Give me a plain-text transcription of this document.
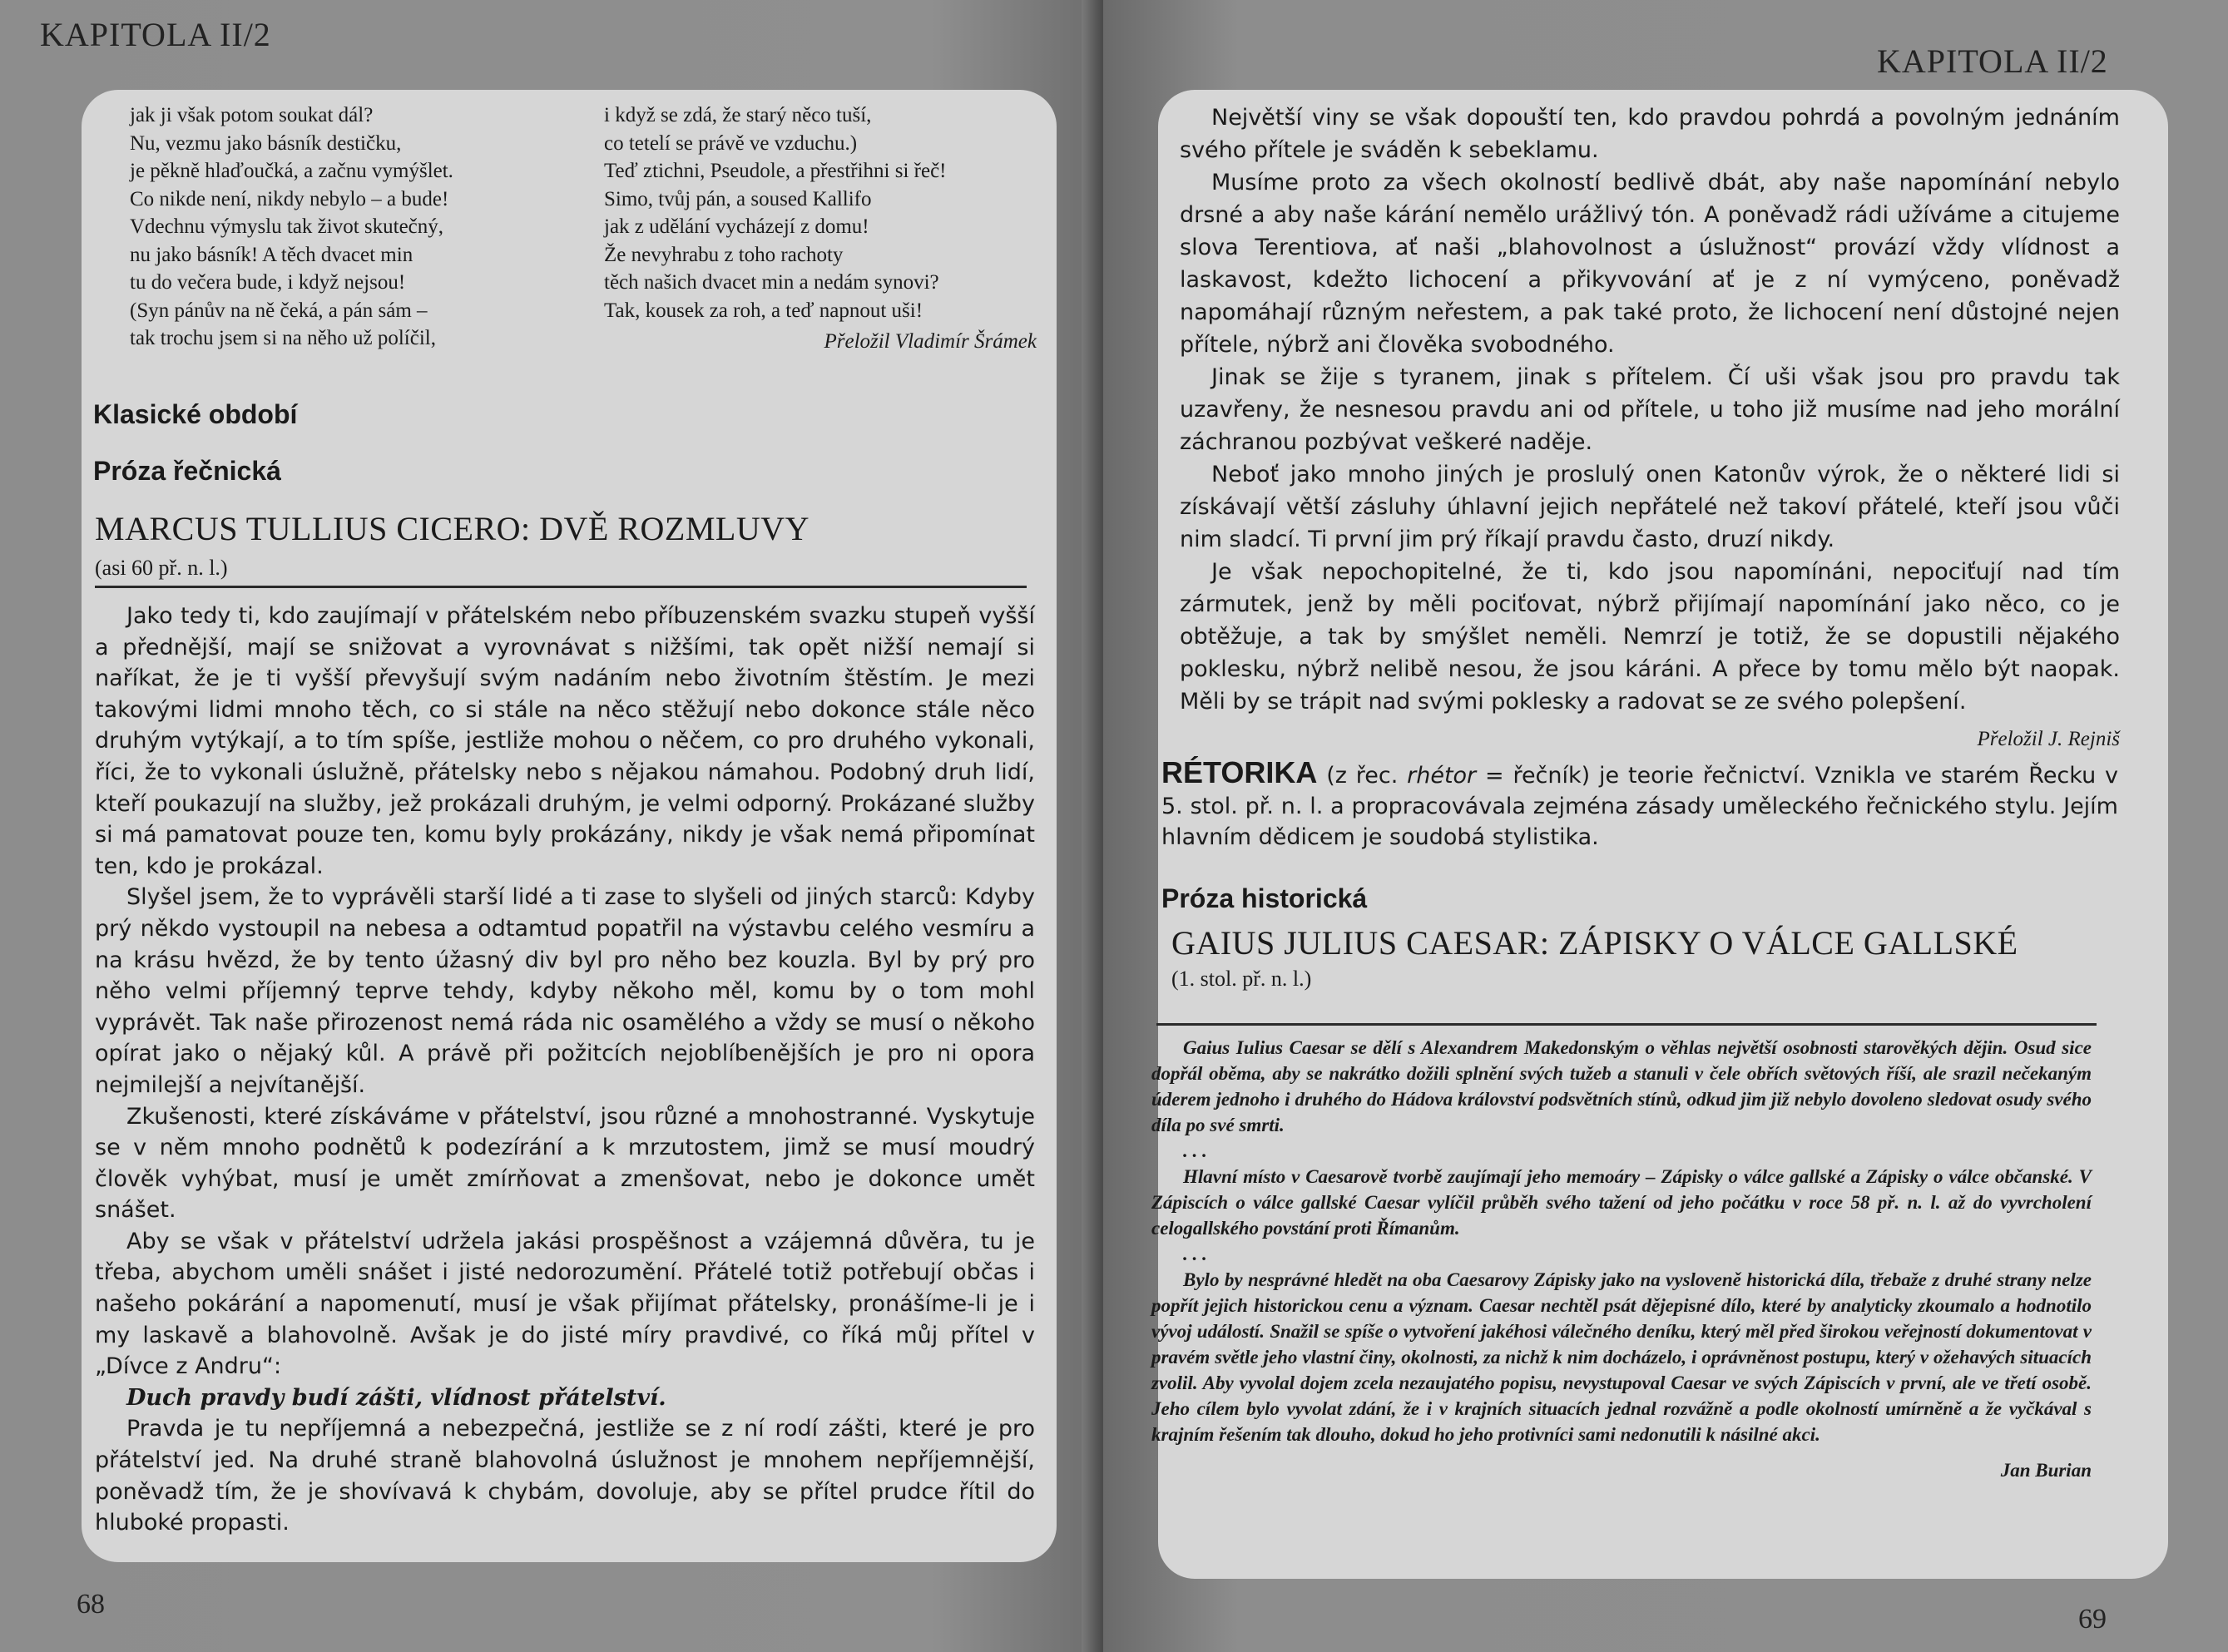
KAPITOLA II/2
jak ji však potom soukat dál?
Nu, vezmu jako básník destičku,
je pěkně hlaďoučká, a začnu vymýšlet.
Co nikde není, nikdy nebylo – a bude!
Vdechnu výmyslu tak život skutečný,
nu jako básník! A těch dvacet min
tu do večera bude, i když nejsou!
(Syn pánův na ně čeká, a pán sám –
tak trochu jsem si na něho už políčil,
i když se zdá, že starý něco tuší,
co tetelí se právě ve vzduchu.)
Teď ztichni, Pseudole, a přestřihni si řeč!
Simo, tvůj pán, a soused Kallifo
jak z udělání vycházejí z domu!
Že nevyhrabu z toho rachoty
těch našich dvacet min a nedám synovi?
Tak, kousek za roh, a teď napnout uši!
Přeložil Vladimír Šrámek
Klasické období
Próza řečnická
MARCUS TULLIUS CICERO: DVĚ ROZMLUVY
(asi 60 př. n. l.)

Jako tedy ti, kdo zaujímají v přátelském nebo příbuzenském svazku stupeň vyšší a přednější, mají se snižovat a vyrovnávat s nižšími, tak opět nižší nemají si naříkat, že je ti vyšší převyšují svým nadáním nebo životním štěstím. Je mezi takovými lidmi mnoho těch, co si stále na něco stěžují nebo dokonce stále něco druhým vytýkají, a to tím spíše, jestliže mohou o něčem, co pro druhého vykonali, říci, že to vykonali úslužně, přátelsky nebo s nějakou námahou. Podobný druh lidí, kteří poukazují na služby, jež prokázali druhým, je velmi odporný. Prokázané služby si má pamatovat pouze ten, komu byly prokázány, nikdy je však nemá připomínat ten, kdo je prokázal.

Slyšel jsem, že to vyprávěli starší lidé a ti zase to slyšeli od jiných starců: Kdyby prý někdo vystoupil na nebesa a odtamtud popatřil na výstavbu celého vesmíru a na krásu hvězd, že by tento úžasný div byl pro něho bez kouzla. Byl by prý pro něho velmi příjemný teprve tehdy, kdyby někoho měl, komu by o tom mohl vyprávět. Tak naše přirozenost nemá ráda nic osamělého a vždy se musí o někoho opírat jako o nějaký kůl. A právě při požitcích nejoblíbenějších je pro ni opora nejmilejší a nejvítanější.

Zkušenosti, které získáváme v přátelství, jsou různé a mnohostranné. Vyskytuje se v něm mnoho podnětů k podezírání a k mrzutostem, jimž se musí moudrý člověk vyhýbat, musí je umět zmírňovat a zmenšovat, nebo je dokonce umět snášet.

Aby se však v přátelství udržela jakási prospěšnost a vzájemná důvěra, tu je třeba, abychom uměli snášet i jisté nedorozumění. Přátelé totiž potřebují občas i našeho pokárání a napomenutí, musí je však přijímat přátelsky, pronášíme-li je i my laskavě a blahovolně. Avšak je do jisté míry pravdivé, co říká můj přítel v „Dívce z Andru“:

Duch pravdy budí zášti, vlídnost přátelství.

Pravda je tu nepříjemná a nebezpečná, jestliže se z ní rodí zášti, které je pro přátelství jed. Na druhé straně blahovolná úslužnost je mnohem nepříjemnější, poněvadž tím, že je shovívavá k chybám, dovoluje, aby se přítel prudce řítil do hluboké propasti.

68
KAPITOLA II/2
69

Největší viny se však dopouští ten, kdo pravdou pohrdá a povolným jednáním svého přítele je sváděn k sebeklamu.

Musíme proto za všech okolností bedlivě dbát, aby naše napomínání nebylo drsné a aby naše kárání nemělo urážlivý tón. A poněvadž rádi užíváme a citujeme slova Terentiova, ať naši „blahovolnost a úslužnost“ provází vždy vlídnost a laskavost, kdežto lichocení a přikyvování ať je z ní vymýceno, poněvadž napomáhají různým neřestem, a pak také proto, že lichocení není důstojné nejen přítele, nýbrž ani člověka svobodného.

Jinak se žije s tyranem, jinak s přítelem. Čí uši však jsou pro pravdu tak uzavřeny, že nesnesou pravdu ani od přítele, u toho již musíme nad jeho morální záchranou pozbývat veškeré naděje.

Neboť jako mnoho jiných je proslulý onen Katonův výrok, že o některé lidi si získávají větší zásluhy úhlavní jejich nepřátelé než takoví přátelé, kteří jsou vůči nim sladcí. Ti první jim prý říkají pravdu často, druzí nikdy.

Je však nepochopitelné, že ti, kdo jsou napomínáni, nepociťují nad tím zármutek, jenž by měli pociťovat, nýbrž přijímají napomínání jako něco, co je obtěžuje, a tak by smýšlet neměli. Nemrzí je totiž, že se dopustili nějakého poklesku, nýbrž nelibě nesou, že jsou káráni. A přece by tomu mělo být naopak. Měli by se trápit nad svými poklesky a radovat se ze svého polepšení.

Přeložil J. Rejniš
RÉTORIKA (z řec. rhétor = řečník) je teorie řečnictví. Vznikla ve starém Řecku v 5. stol. př. n. l. a propracovávala zejména zásady uměleckého řečnického stylu. Jejím hlavním dědicem je soudobá stylistika.
Próza historická
GAIUS JULIUS CAESAR: ZÁPISKY O VÁLCE GALLSKÉ
(1. stol. př. n. l.)

Gaius Iulius Caesar se dělí s Alexandrem Makedonským o věhlas největší osobnosti starověkých dějin. Osud sice dopřál oběma, aby se nakrátko dožili splnění svých tužeb a stanuli v čele obřích světových říší, ale srazil nečekaným úderem jednoho i druhého do Hádova království podsvětních stínů, odkud jim již nebylo dovoleno sledovat osudy svého díla po své smrti.

. . .

Hlavní místo v Caesarově tvorbě zaujímají jeho memoáry – Zápisky o válce gallské a Zápisky o válce občanské. V Zápiscích o válce gallské Caesar vylíčil průběh svého tažení od jeho počátku v roce 58 př. n. l. až do vyvrcholení celogallského povstání proti Římanům.

. . .

Bylo by nesprávné hledět na oba Caesarovy Zápisky jako na vysloveně historická díla, třebaže z druhé strany nelze popřít jejich historickou cenu a význam. Caesar nechtěl psát dějepisné dílo, které by analyticky zkoumalo a hodnotilo vývoj událostí. Snažil se spíše o vytvoření jakéhosi válečného deníku, který měl před širokou veřejností dokumentovat v pravém světle jeho vlastní činy, okolnosti, za nichž k nim docházelo, i oprávněnost postupu, který v ožehavých situacích zvolil. Aby vyvolal dojem zcela nezaujatého popisu, nevystupoval Caesar ve svých Zápiscích v první, ale ve třetí osobě. Jeho cílem bylo vyvolat zdání, že i v krajních situacích jednal rozvážně a podle okolností umírněně a že vyčkával s krajním řešením tak dlouho, dokud ho jeho protivníci sami nedonutili k násilné akci.

Jan Burian
